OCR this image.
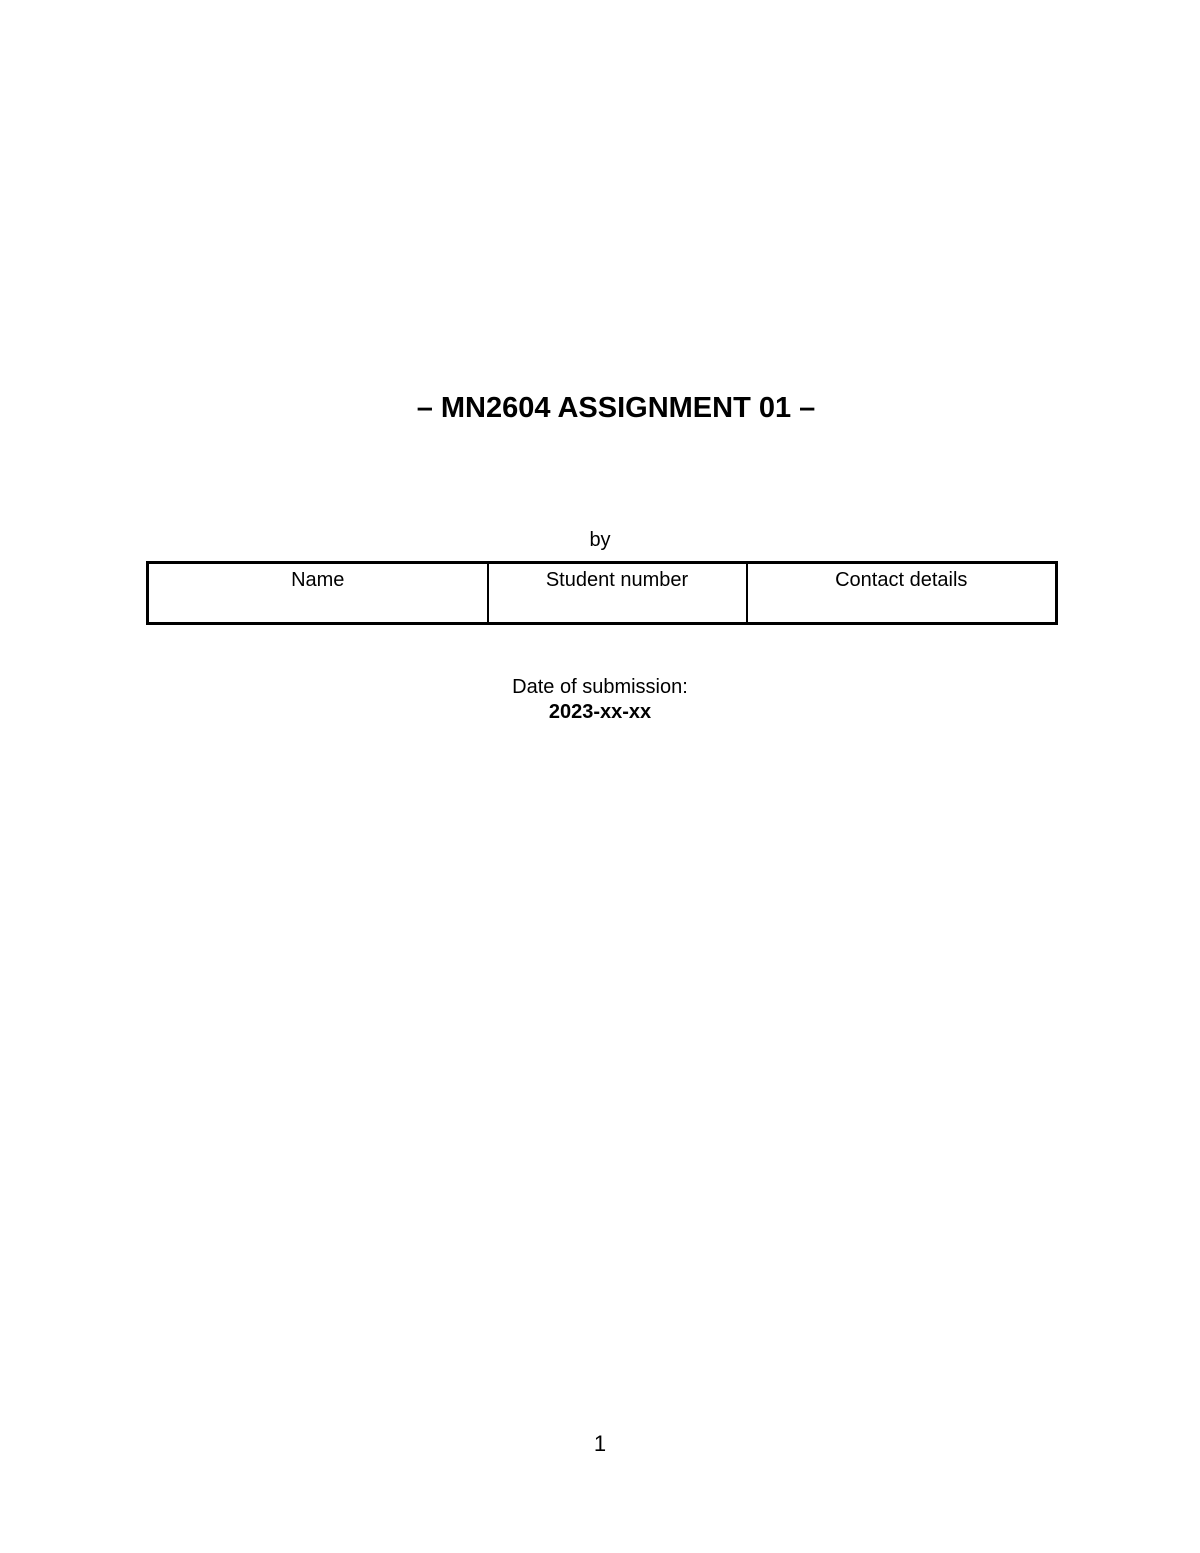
– MN2604 ASSIGNMENT 01 –
by
Name	Student number	Contact details
Date of submission:
2023-xx-xx
1
